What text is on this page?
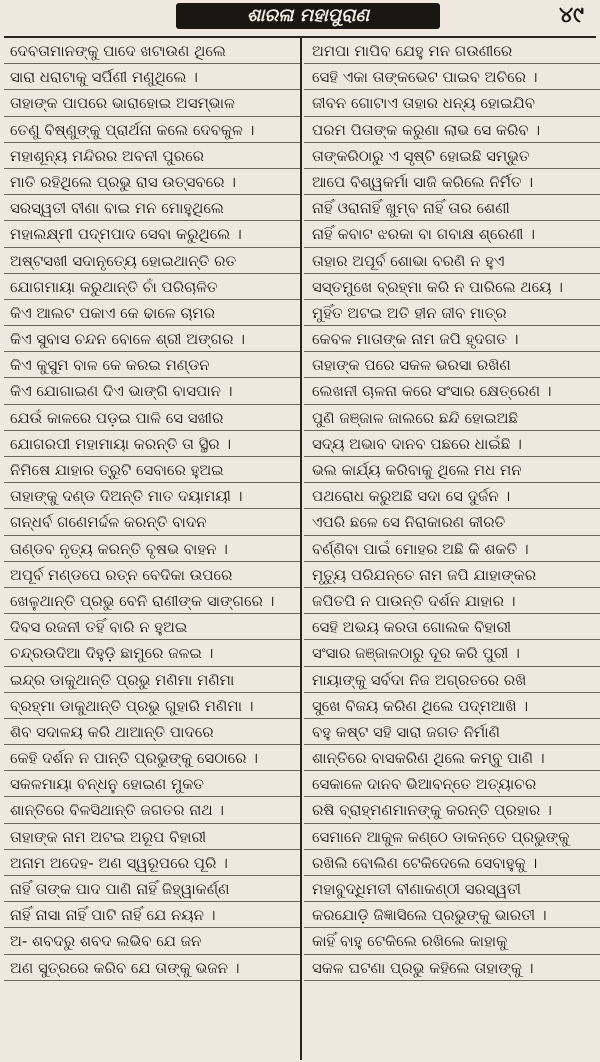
ଶାରଳା ମହାପୁରାଣ	୪୯
ଦେବତାମାନଙ୍କୁ ପାଦେ ଖଟାଉଣ ଥିଲେ
ସାରା ଧରାଟାକୁ ସର୍ପିଣୀ ମଣୁଥିଲେ ।
ତାହାଙ୍କ ପାପରେ ଭାରାହୋଇ ଅସମ୍ଭାଳ
ତେଣୁ ବିଷ୍ଣୁଙ୍କୁ ପ୍ରାର୍ଥନା କଲେ ଦେବକୁଳ ।
ମହାଶୂନ୍ୟ ମନ୍ଦିରର ଅବନୀ ପୁରରେ
ମାତି ରହିଥିଲେ ପ୍ରଭୁ ରାସ ଉତ୍ସବରେ ।
ସରସ୍ୱତୀ ବୀଣା ବାଇ ମନ ମୋହୁଥିଲେ
ମହାଲକ୍ଷ୍ମୀ ପଦ୍ମପାଦ ସେବା କରୁଥିଲେ ।
ଅଷ୍ଟସଖୀ ସଦାନୃତ୍ୟେ ହୋଇଥାନ୍ତି ରତ
ଯୋଗମାୟା କରୁଥାନ୍ତି ଚାଁ ପରିଚାଳିତ
କିଏ ଆଲଟ ପକାଏ କେ ଢାଳେ ଚାମର
କିଏ ସୁବାସ ଚନ୍ଦନ ବୋଳେ ଶ୍ରୀ ଅଙ୍ଗର ।
କିଏ କୁସୁମ ବାଳ କେ କରଇ ମଣ୍ଡନ
କିଏ ଯୋଗାଇଣ ଦିଏ ଭାଙ୍ଗି ବାସପାନ ।
ଯେଉଁ କାଳରେ ପଡ଼ଇ ପାଳି ସେ ସଖୀର
ଯୋଗରପୀ ମହାମାୟା କରନ୍ତି ତା ସ୍ଥିର ।
ନିମିଷେ ଯାହାର ତ୍ରୁଟି ସେବାରେ ହୁଅଇ
ତାହାଙ୍କୁ ଦଣ୍ଡ ଦିଅନ୍ତି ମାତ ଦୟାମୟୀ ।
ଗନ୍ଧର୍ବ ଗଣେମର୍ଦ୍ଦଳ କରନ୍ତି ବାଦନ
ତାଣ୍ଡବ ନୃତ୍ୟ କରନ୍ତି ବୃଷଭ ବାହନ ।
ଅପୂର୍ବ ମଣ୍ଡପେ ରତ୍ନ ବେଦିକା ଉପରେ
ଖେଳୁଥାନ୍ତି ପ୍ରଭୁ ବେନି ରାଣୀଙ୍କ ସାଙ୍ଗରେ ।
ଦିବସ ରଜନୀ ତହିଁ ବାରି ନ ହୁଅଇ
ଚନ୍ଦ୍ରଉଦିଆ ଦିହୁଡ଼ି ଛାମୁରେ ଜଳଇ ।
ଇନ୍ଦ୍ର ଡାକୁଥାନ୍ତି ପ୍ରଭୁ ମଣିମା ମଣିମା
ବ୍ରହ୍ମା ଡାକୁଥାନ୍ତି ପ୍ରଭୁ ଗୁହାରି ମଣିମା ।
ଶିବ ସଦାଳୟ କରି ଥାଆନ୍ତି ପାଦରେ
କେହି ଦର୍ଶନ ନ ପାନ୍ତି ପ୍ରଭୁଙ୍କୁ ସେଠାରେ ।
ସକଳମାୟା ବନ୍ଧନୁ ହୋଇଣ ମୁକତ
ଶାନ୍ତିରେ ବିଳସିଥାନ୍ତି ଜଗତର ନାଥ ।
ତାହାଙ୍କ ନାମ ଅଟଇ ଅରୂପ ବିହାରୀ
ଅନାମ ଅଦେହ- ଅଣ ସ୍ୱରୂପରେ ପୂରି ।
ନାହିଁ ତାଙ୍କ ପାଦ ପାଣି ନାହିଁ ଜିହ୍ୱାକର୍ଣ୍ଣ
ନାହିଁ ନାସା ନାହିଁ ପାଟି ନାହିଁ ଯେ ନୟନ ।
ଅ- ଶବଦରୁ ଶବଦ ଲଭିବ ଯେ ଜନ
ଅଣ ସୁତ୍ରରେ କରିବ ଯେ ତାଙ୍କୁ ଭଜନ ।
ଅମପା ମାପିବ ଯେହୁ ମନ ଗଉଣୀରେ
ସେହି ଏକା ତାଙ୍କଭେଟ ପାଇବ ଅଚିରେ ।
ଜୀବନ ଗୋଟାଏ ତାହାର ଧନ୍ୟ ହୋଇଯିବ
ପରମ ପିତାଙ୍କ କରୁଣା ଲାଭ ସେ କରିବ ।
ତାଙ୍କରିଠାରୁ ଏ ସୃଷ୍ଟି ହୋଇଛି ସମ୍ଭୁତ
ଆପେ ବିଶ୍ୱକର୍ମା ସାଜି କରିଲେ ନିର୍ମିତ ।
ନାହିଁ ଓରାନାହିଁ ଖୁମ୍ବ ନାହିଁ ତାର ଶେଣୀ
ନାହିଁ କବାଟ ଝରକା ବା ଗବାକ୍ଷ ଶ୍ରେଣୀ ।
ତାହାର ଅପୂର୍ବ ଶୋଭା ବରଣି ନ ହୁଏ
ସସ୍ତମୁଖେ ବ୍ରହ୍ମା କରି ନ ପାରିଲେ ଥୟେ ।
ମୁହିଁତ ଅଟଇ ଅତି ହୀନ ଜୀବ ମାତ୍ର
କେବଳ ମାତାଙ୍କ ନାମ ଜପି ହୃଦଗତ ।
ତାହାଙ୍କ ପରେ ସକଳ ଭରସା ରଖିଣ
ଲେଖନୀ ଚାଳନା କରେ ସଂସାର କ୍ଷେତ୍ରେଣ ।
ପୁଣି ଜଞ୍ଜାଳ ଜାଲରେ ଛନ୍ଦି ହୋଇଅଛି
ସଦ୍ୟ ଅଭାବ ଦାନବ ପଛରେ ଧାଇଁଛି ।
ଭଲ କାର୍ଯ୍ୟ କରିବାକୁ ଥିଲେ ମଧ ମନ
ପଥରୋଧ କରୁଅଛି ସଦା ସେ ଦୁର୍ଜନ ।
ଏପରି ଛଳେ ସେ ନିରାକାରଣ କୀରତି
ବର୍ଣ୍ଣିବା ପାଇଁ ମୋହର ଅଛି କି ଶକତି ।
ମୃତ୍ୟୁ ପରିଯନ୍ତେ ନାମ ଜପି ଯାହାଙ୍କର
ଜପିତପି ନ ପାଉନ୍ତି ଦର୍ଶନ ଯାହାର ।
ସେହି ଅଭୟ କରତା ଗୋଲକ ବିହାରୀ
ସଂସାର ଜଞ୍ଜାଳଠାରୁ ଦୂର କରି ପୁରୀ ।
ମାୟାଙ୍କୁ ସର୍ବଦା ନିଜ ଅଗ୍ରତରେ ରଖି
ସୁଖେ ବିଜୟ କରିଣ ଥିଲେ ପଦ୍ମଆଖି ।
ବହୁ କଷ୍ଟ ସହି ସାରା ଜଗତ ନିର୍ମାଣି
ଶାନ୍ତିରେ ବାସକରିଣ ଥିଲେ କମ୍ବୁ ପାଣି ।
ସେକାଳେ ଦାନବ ଭିଆବନ୍ତେ ଅତ୍ୟାଚର
ରଷି ବ୍ରାହ୍ମଣମାନଙ୍କୁ କରନ୍ତି ପ୍ରହାର ।
ସେମାନେ ଆକୁଳ କଣ୍ଠେ ଡାକନ୍ତେ ପ୍ରଭୁଙ୍କୁ
ରଖିଲି ବୋଲିଣ ଟେକିଦେଲେ ସେବାହୁକୁ ।
ମହାବୁଦ୍ଧିମତୀ ବୀଣାକଣ୍ଠୀ ସରସ୍ୱତୀ
କରଯୋଡ଼ି ଜିଜ୍ଞାସିଲେ ପ୍ରଭୁଙ୍କୁ ଭାରତୀ ।
କାହିଁ ବାହୁ ଟେକିଲେ ରଖିଲେ କାହାକୁ
ସକଳ ଘଟଣା ପ୍ରଭୁ କହିଲେ ତାହାଙ୍କୁ ।
